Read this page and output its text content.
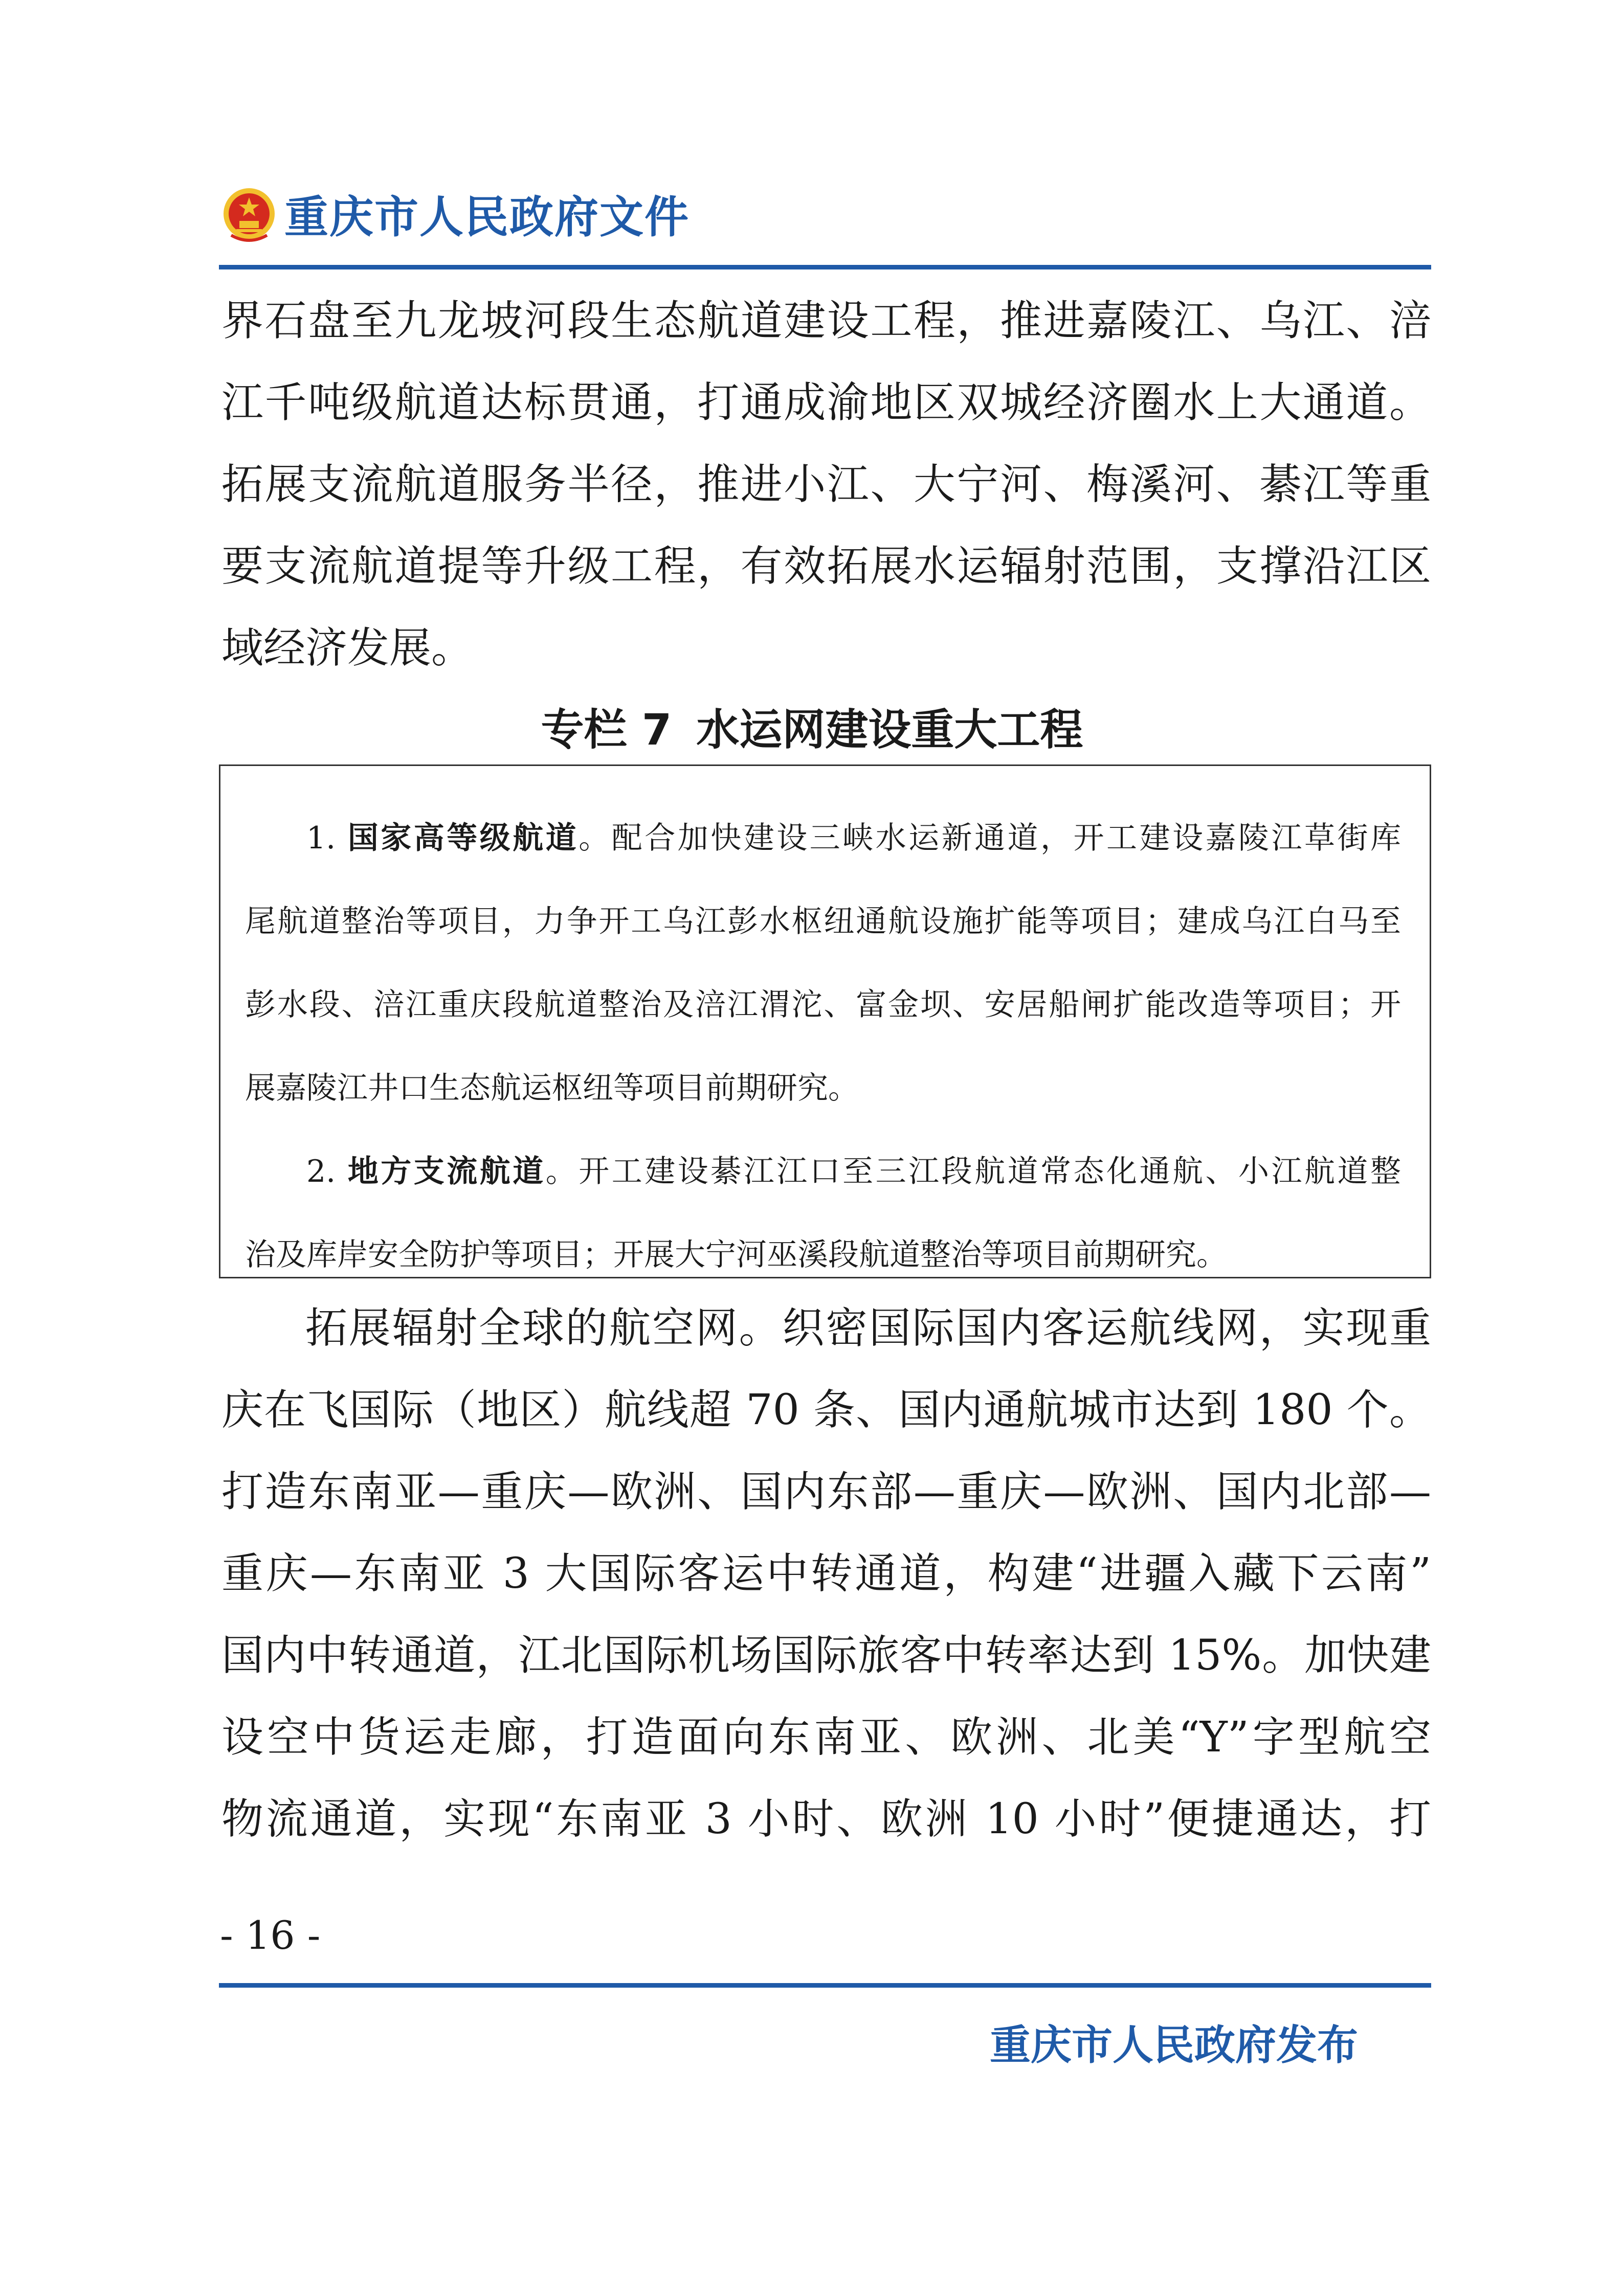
重庆市人民政府文件
界石盘至九龙坡河段生态航道建设工程，推进嘉陵江、乌江、涪
江千吨级航道达标贯通，打通成渝地区双城经济圈水上大通道。
拓展支流航道服务半径，推进小江、大宁河、梅溪河、綦江等重
要支流航道提等升级工程，有效拓展水运辐射范围，支撑沿江区
域经济发展。
专栏 7 水运网建设重大工程
1. 国家高等级航道。配合加快建设三峡水运新通道，开工建设嘉陵江草街库
尾航道整治等项目，力争开工乌江彭水枢纽通航设施扩能等项目；建成乌江白马至
彭水段、涪江重庆段航道整治及涪江渭沱、富金坝、安居船闸扩能改造等项目；开
展嘉陵江井口生态航运枢纽等项目前期研究。
2. 地方支流航道。开工建设綦江江口至三江段航道常态化通航、小江航道整
治及库岸安全防护等项目；开展大宁河巫溪段航道整治等项目前期研究。
拓展辐射全球的航空网。织密国际国内客运航线网，实现重
庆在飞国际（地区）航线超 70 条、国内通航城市达到 180 个。
打造东南亚—重庆—欧洲、国内东部—重庆—欧洲、国内北部—
重庆—东南亚 3 大国际客运中转通道，构建“进疆入藏下云南”
国内中转通道，江北国际机场国际旅客中转率达到 15%。加快建
设空中货运走廊，打造面向东南亚、欧洲、北美“Y”字型航空
物流通道，实现“东南亚 3 小时、欧洲 10 小时”便捷通达，打
- 16 -
重庆市人民政府发布
